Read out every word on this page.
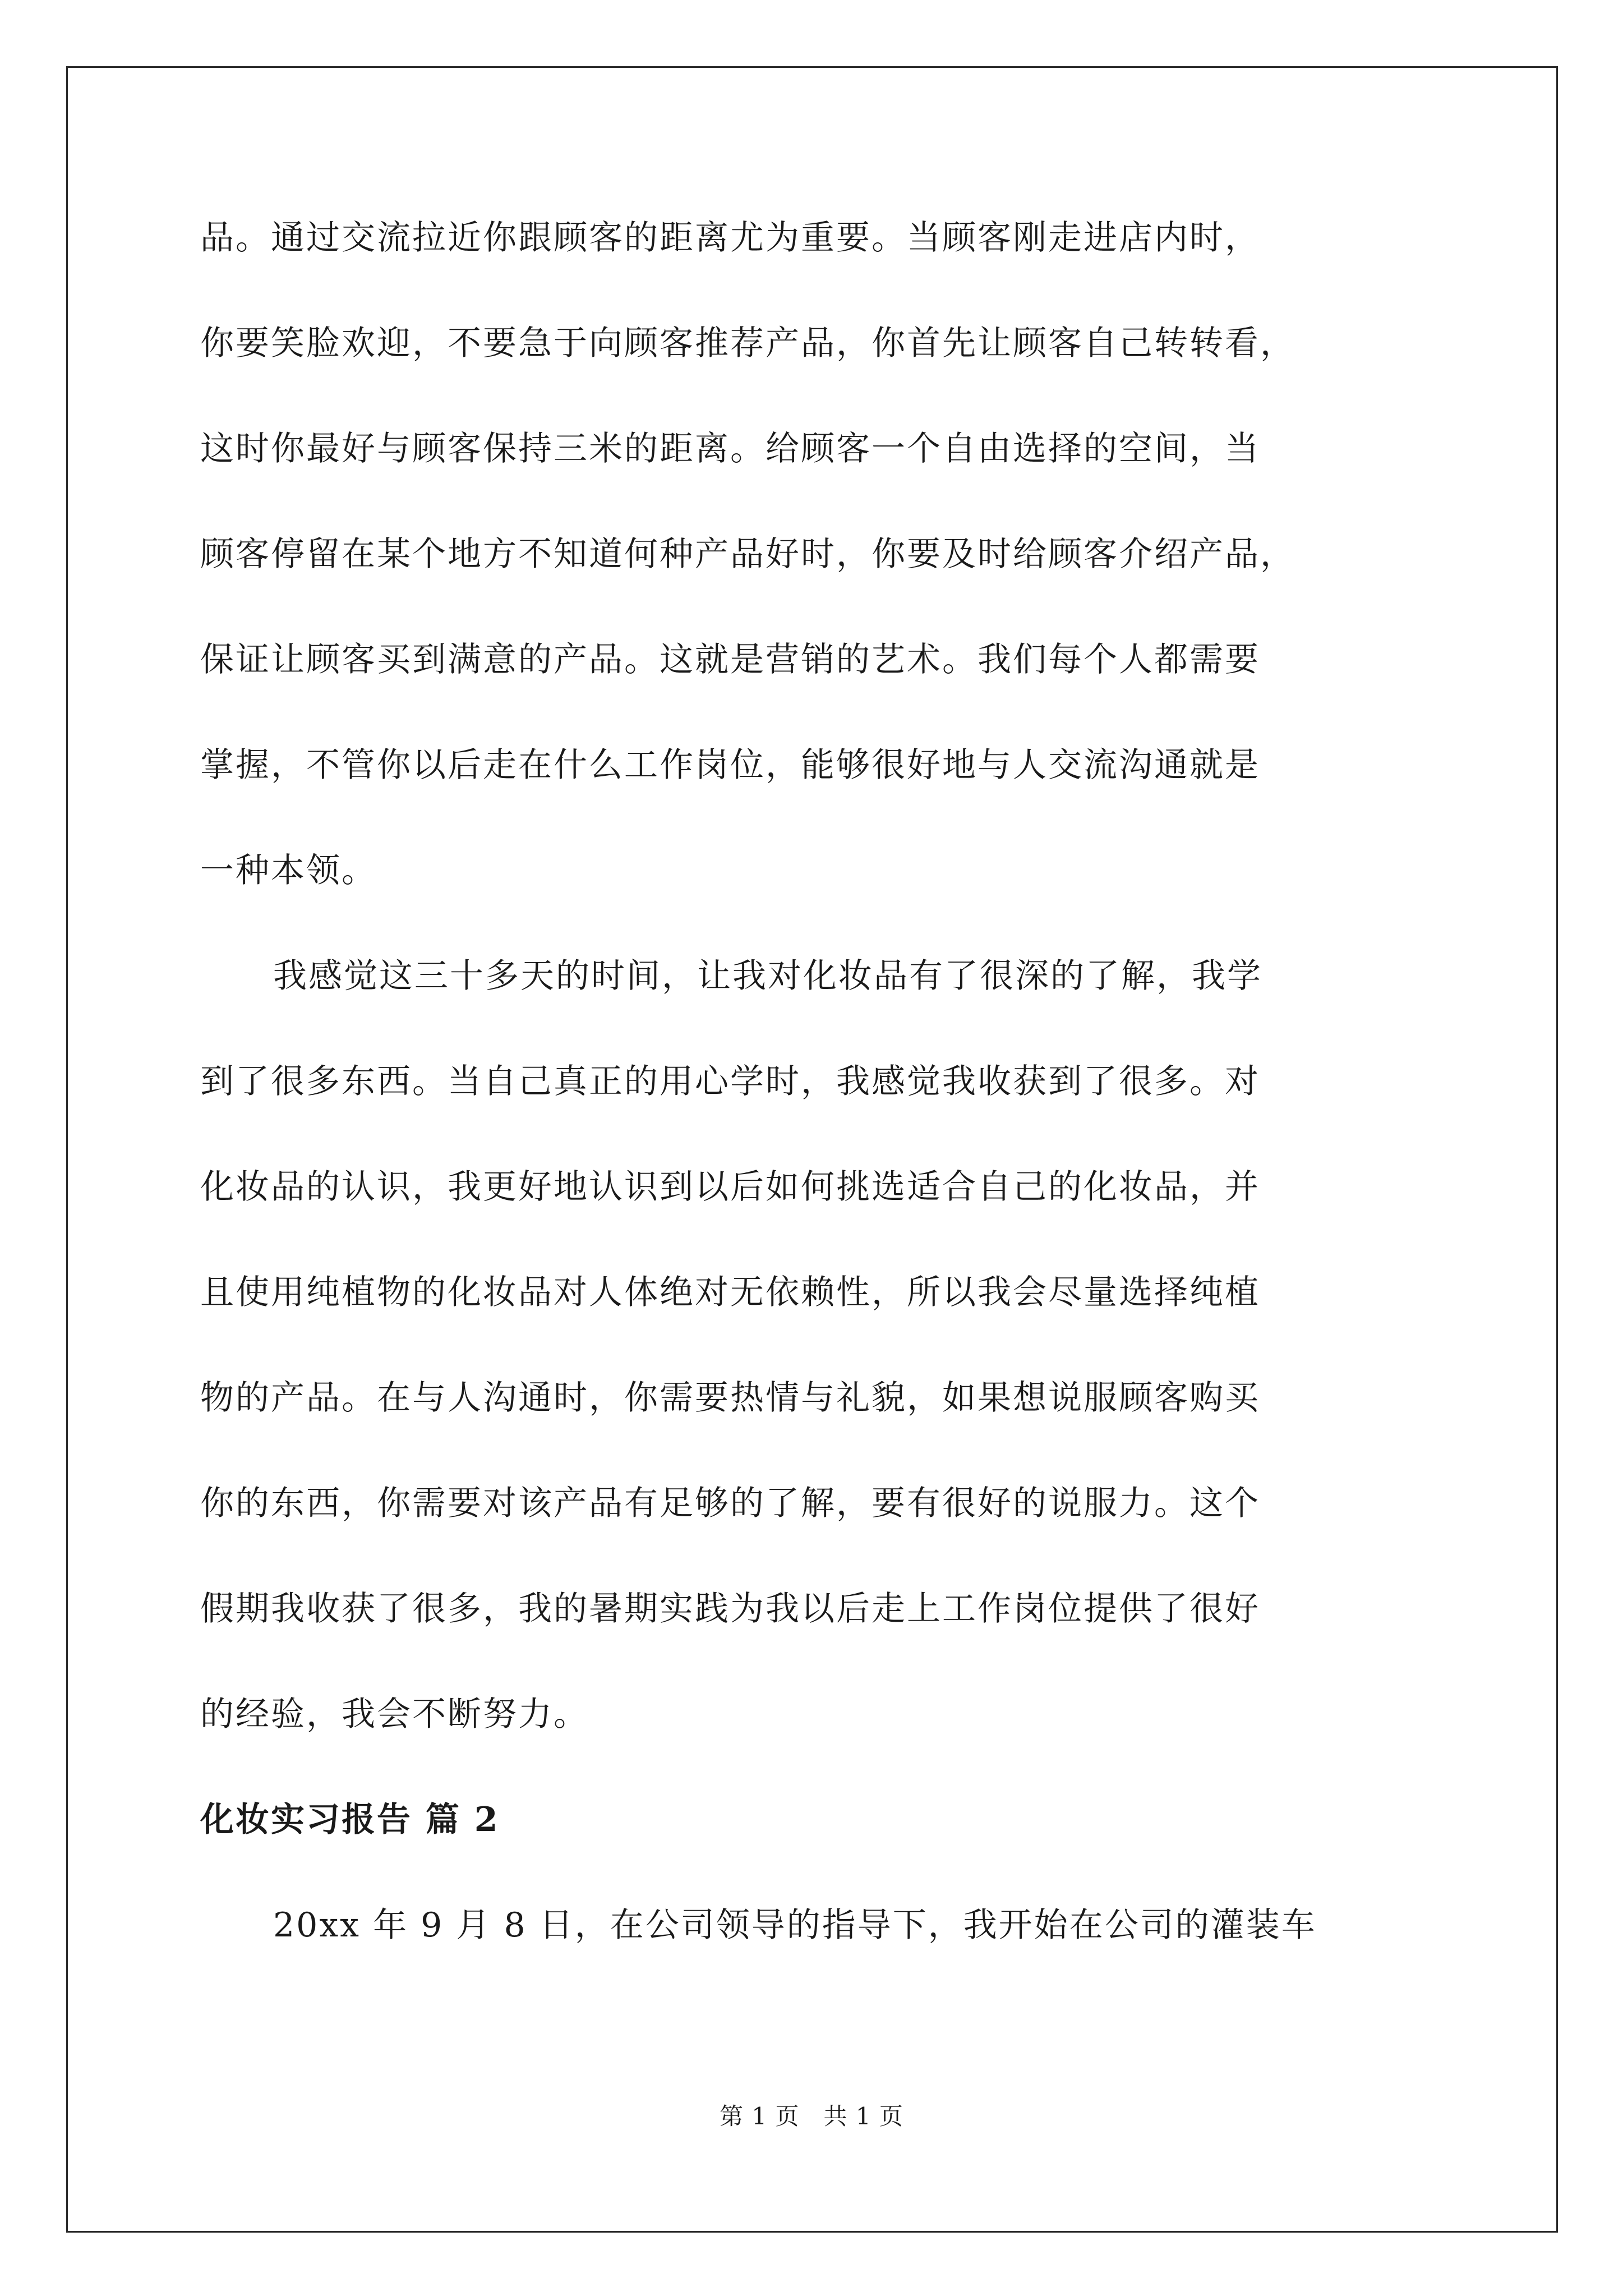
品。通过交流拉近你跟顾客的距离尤为重要。当顾客刚走进店内时，
你要笑脸欢迎，不要急于向顾客推荐产品，你首先让顾客自己转转看，
这时你最好与顾客保持三米的距离。给顾客一个自由选择的空间，当
顾客停留在某个地方不知道何种产品好时，你要及时给顾客介绍产品，
保证让顾客买到满意的产品。这就是营销的艺术。我们每个人都需要
掌握，不管你以后走在什么工作岗位，能够很好地与人交流沟通就是
一种本领。

我感觉这三十多天的时间，让我对化妆品有了很深的了解，我学
到了很多东西。当自己真正的用心学时，我感觉我收获到了很多。对
化妆品的认识，我更好地认识到以后如何挑选适合自己的化妆品，并
且使用纯植物的化妆品对人体绝对无依赖性，所以我会尽量选择纯植
物的产品。在与人沟通时，你需要热情与礼貌，如果想说服顾客购买
你的东西，你需要对该产品有足够的了解，要有很好的说服力。这个
假期我收获了很多，我的暑期实践为我以后走上工作岗位提供了很好
的经验，我会不断努力。

化妆实习报告 篇 2

20xx 年 9 月 8 日，在公司领导的指导下，我开始在公司的灌装车

第 1 页　共 1 页
